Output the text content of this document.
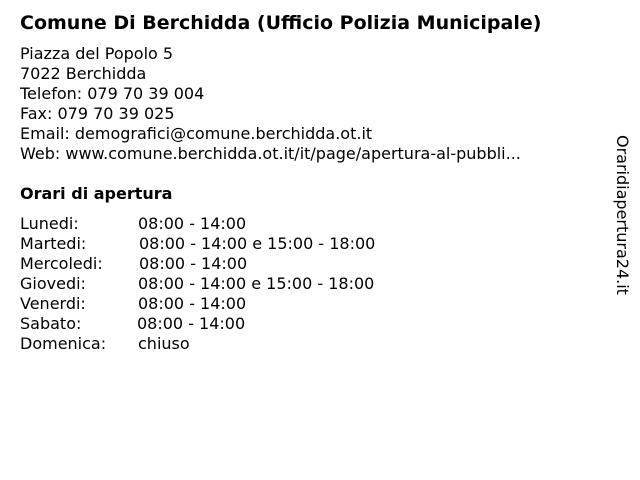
Comune Di Berchidda (Ufficio Polizia Municipale)
Piazza del Popolo 5
7022 Berchidda
Telefon: 079 70 39 004
Fax: 079 70 39 025
Email: demografici@comune.berchidda.ot.it
Web: www.comune.berchidda.ot.it/it/page/apertura-al-pubbli...
Orari di apertura
Lunedi:	08:00 - 14:00
Martedi:	08:00 - 14:00 e 15:00 - 18:00
Mercoledi: 08:00 - 14:00
Giovedi:	08:00 - 14:00 e 15:00 - 18:00
Venerdi:	08:00 - 14:00
Sabato:	08:00 - 14:00
Domenica: chiuso
Oraridiapertura24.it
